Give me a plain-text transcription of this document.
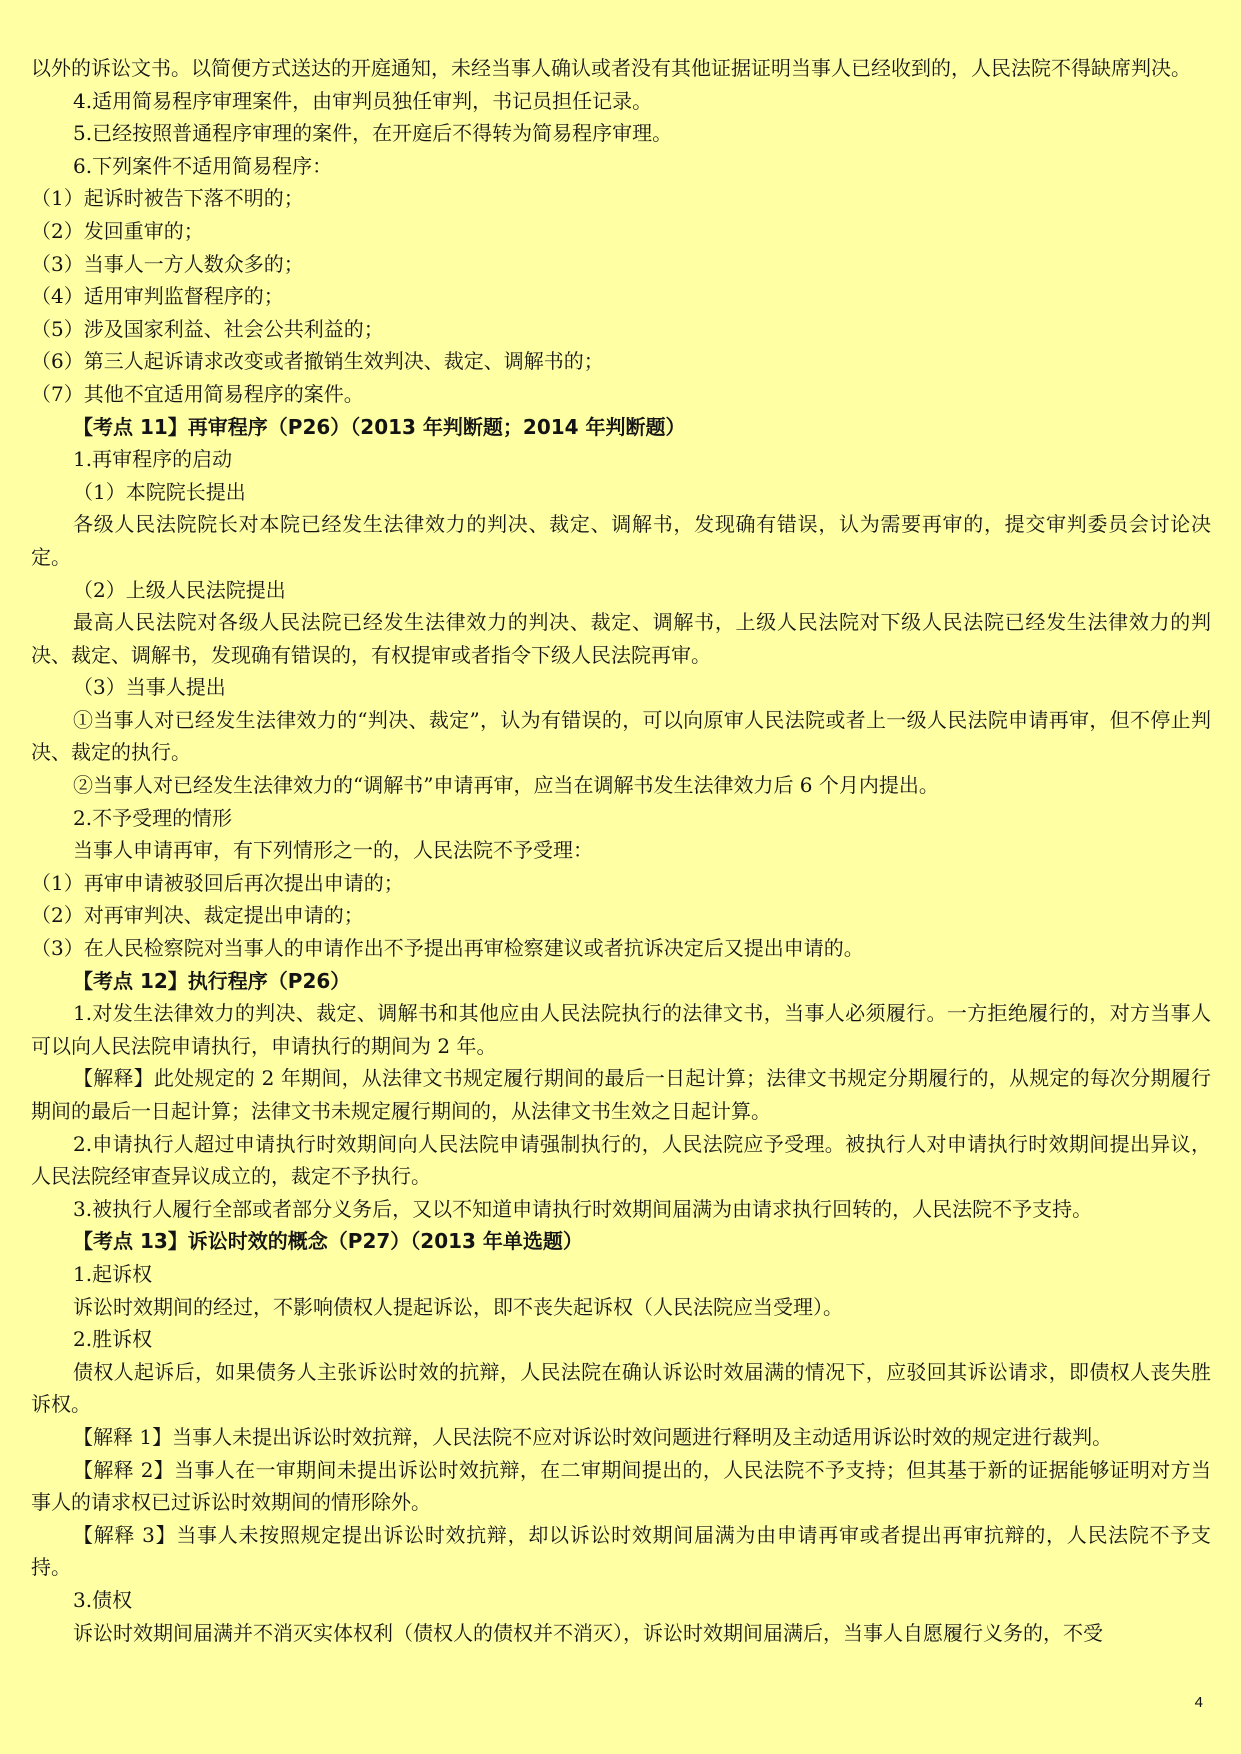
以外的诉讼文书。以简便方式送达的开庭通知，未经当事人确认或者没有其他证据证明当事人已经收到的，人民法院不得缺席判决。

4.适用简易程序审理案件，由审判员独任审判，书记员担任记录。

5.已经按照普通程序审理的案件，在开庭后不得转为简易程序审理。

6.下列案件不适用简易程序：

（1）起诉时被告下落不明的；

（2）发回重审的；

（3）当事人一方人数众多的；

（4）适用审判监督程序的；

（5）涉及国家利益、社会公共利益的；

（6）第三人起诉请求改变或者撤销生效判决、裁定、调解书的；

（7）其他不宜适用简易程序的案件。

【考点 11】再审程序（P26）（2013 年判断题；2014 年判断题）

1.再审程序的启动

（1）本院院长提出

各级人民法院院长对本院已经发生法律效力的判决、裁定、调解书，发现确有错误，认为需要再审的，提交审判委员会讨论决定。

（2）上级人民法院提出

最高人民法院对各级人民法院已经发生法律效力的判决、裁定、调解书，上级人民法院对下级人民法院已经发生法律效力的判决、裁定、调解书，发现确有错误的，有权提审或者指令下级人民法院再审。

（3）当事人提出

①当事人对已经发生法律效力的“判决、裁定”，认为有错误的，可以向原审人民法院或者上一级人民法院申请再审，但不停止判决、裁定的执行。

②当事人对已经发生法律效力的“调解书”申请再审，应当在调解书发生法律效力后 6 个月内提出。

2.不予受理的情形

当事人申请再审，有下列情形之一的，人民法院不予受理：

（1）再审申请被驳回后再次提出申请的；

（2）对再审判决、裁定提出申请的；

（3）在人民检察院对当事人的申请作出不予提出再审检察建议或者抗诉决定后又提出申请的。

【考点 12】执行程序（P26）

1.对发生法律效力的判决、裁定、调解书和其他应由人民法院执行的法律文书，当事人必须履行。一方拒绝履行的，对方当事人可以向人民法院申请执行，申请执行的期间为 2 年。

【解释】此处规定的 2 年期间，从法律文书规定履行期间的最后一日起计算；法律文书规定分期履行的，从规定的每次分期履行期间的最后一日起计算；法律文书未规定履行期间的，从法律文书生效之日起计算。

2.申请执行人超过申请执行时效期间向人民法院申请强制执行的，人民法院应予受理。被执行人对申请执行时效期间提出异议，人民法院经审查异议成立的，裁定不予执行。

3.被执行人履行全部或者部分义务后，又以不知道申请执行时效期间届满为由请求执行回转的，人民法院不予支持。

【考点 13】诉讼时效的概念（P27）（2013 年单选题）

1.起诉权

诉讼时效期间的经过，不影响债权人提起诉讼，即不丧失起诉权（人民法院应当受理）。

2.胜诉权

债权人起诉后，如果债务人主张诉讼时效的抗辩，人民法院在确认诉讼时效届满的情况下，应驳回其诉讼请求，即债权人丧失胜诉权。

【解释 1】当事人未提出诉讼时效抗辩，人民法院不应对诉讼时效问题进行释明及主动适用诉讼时效的规定进行裁判。

【解释 2】当事人在一审期间未提出诉讼时效抗辩，在二审期间提出的，人民法院不予支持；但其基于新的证据能够证明对方当事人的请求权已过诉讼时效期间的情形除外。

【解释 3】当事人未按照规定提出诉讼时效抗辩，却以诉讼时效期间届满为由申请再审或者提出再审抗辩的，人民法院不予支持。

3.债权

诉讼时效期间届满并不消灭实体权利（债权人的债权并不消灭），诉讼时效期间届满后，当事人自愿履行义务的，不受

4
